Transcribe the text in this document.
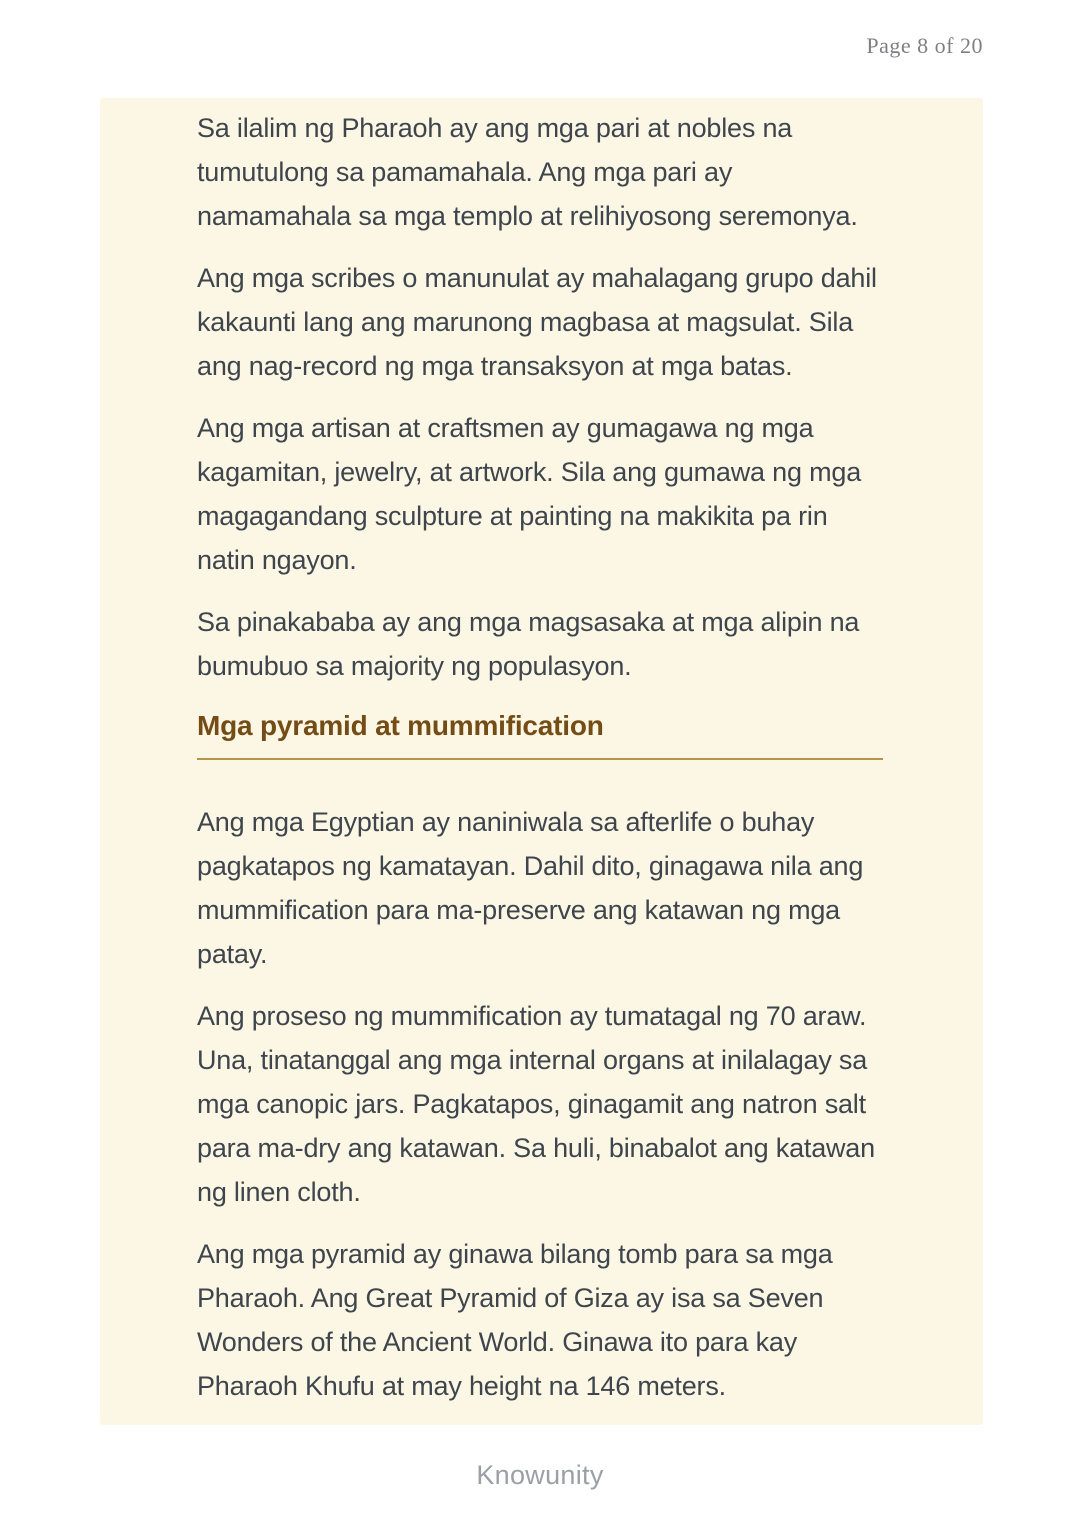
Page 8 of 20

Sa ilalim ng Pharaoh ay ang mga pari at nobles na tumutulong sa pamamahala. Ang mga pari ay namamahala sa mga templo at relihiyosong seremonya.

Ang mga scribes o manunulat ay mahalagang grupo dahil kakaunti lang ang marunong magbasa at magsulat. Sila ang nag-record ng mga transaksyon at mga batas.

Ang mga artisan at craftsmen ay gumagawa ng mga kagamitan, jewelry, at artwork. Sila ang gumawa ng mga magagandang sculpture at painting na makikita pa rin natin ngayon.

Sa pinakababa ay ang mga magsasaka at mga alipin na bumubuo sa majority ng populasyon.

Mga pyramid at mummification

Ang mga Egyptian ay naniniwala sa afterlife o buhay pagkatapos ng kamatayan. Dahil dito, ginagawa nila ang mummification para ma-preserve ang katawan ng mga patay.

Ang proseso ng mummification ay tumatagal ng 70 araw. Una, tinatanggal ang mga internal organs at inilalagay sa mga canopic jars. Pagkatapos, ginagamit ang natron salt para ma-dry ang katawan. Sa huli, binabalot ang katawan ng linen cloth.

Ang mga pyramid ay ginawa bilang tomb para sa mga Pharaoh. Ang Great Pyramid of Giza ay isa sa Seven Wonders of the Ancient World. Ginawa ito para kay Pharaoh Khufu at may height na 146 meters.

Knowunity
